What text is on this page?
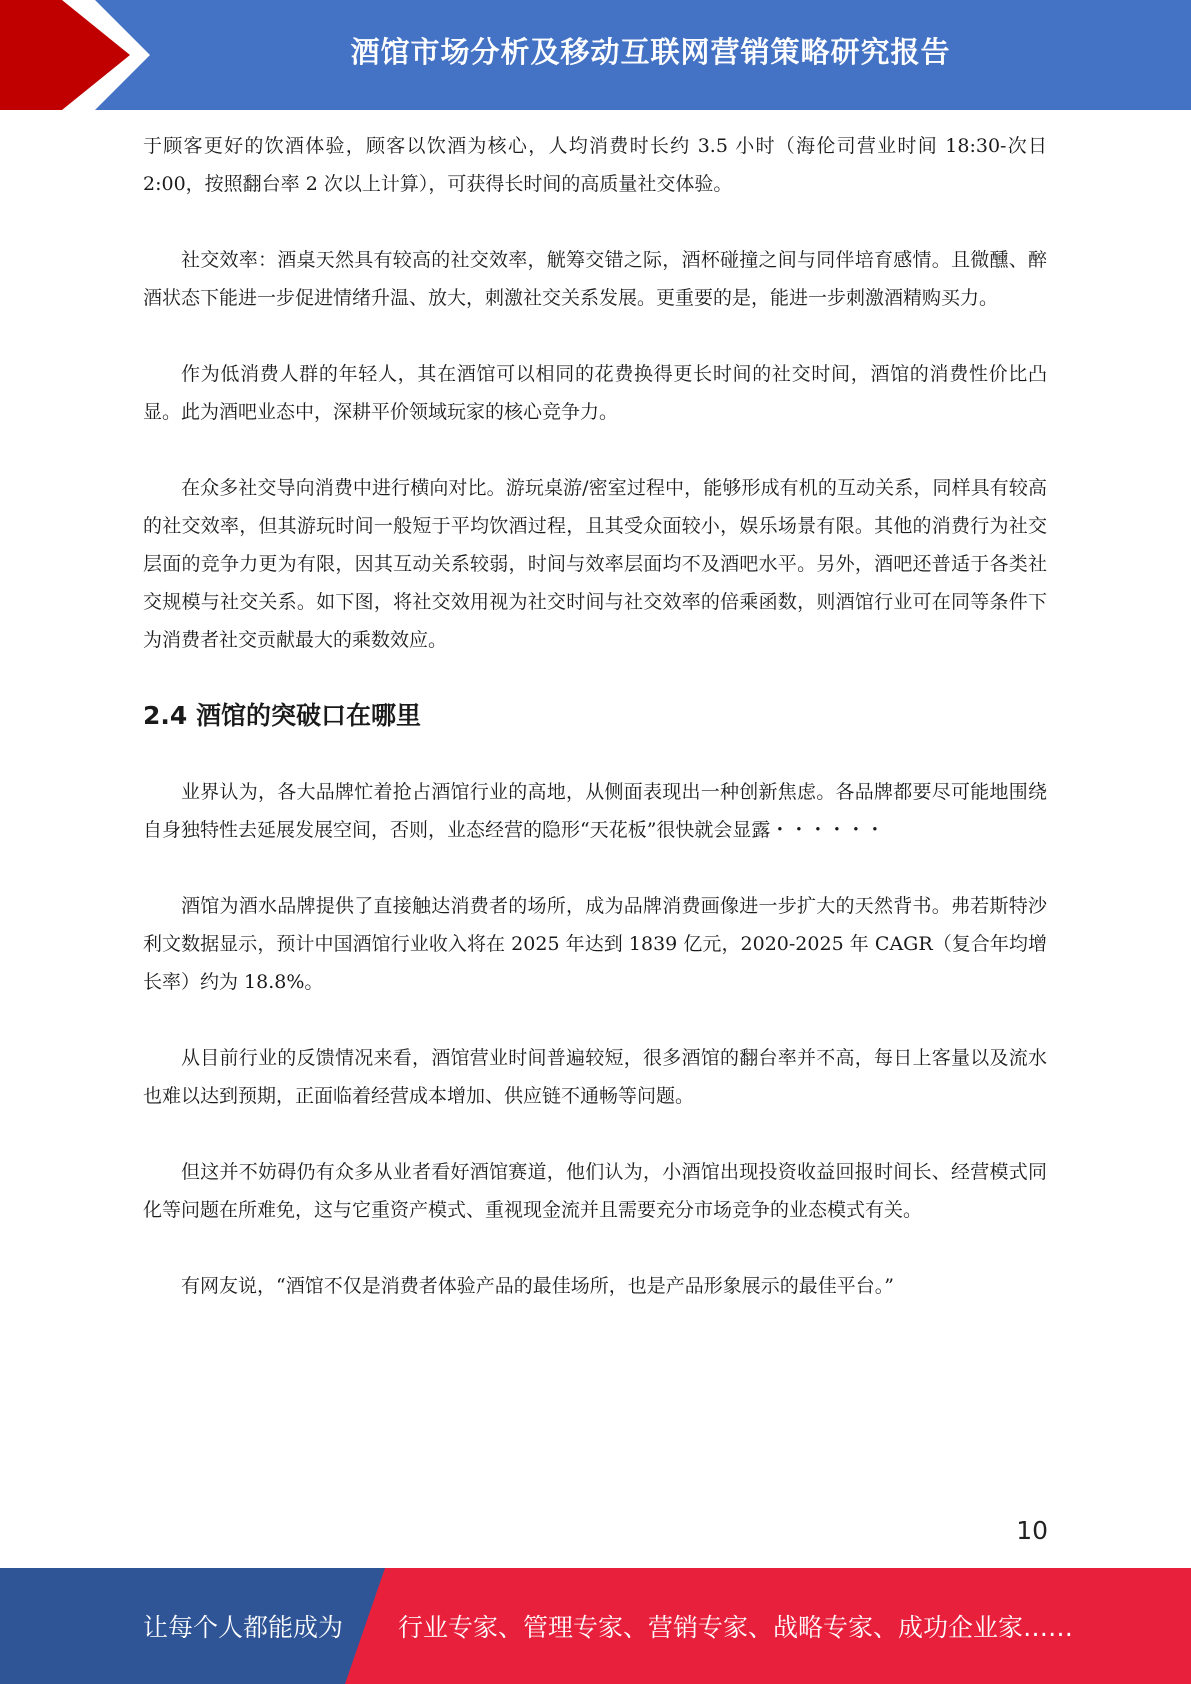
酒馆市场分析及移动互联网营销策略研究报告

于顾客更好的饮酒体验，顾客以饮酒为核心，人均消费时长约 3.5 小时（海伦司营业时间 18:30-次日 2:00，按照翻台率 2 次以上计算），可获得长时间的高质量社交体验。

社交效率：酒桌天然具有较高的社交效率，觥筹交错之际，酒杯碰撞之间与同伴培育感情。且微醺、醉酒状态下能进一步促进情绪升温、放大，刺激社交关系发展。更重要的是，能进一步刺激酒精购买力。

作为低消费人群的年轻人，其在酒馆可以相同的花费换得更长时间的社交时间，酒馆的消费性价比凸显。此为酒吧业态中，深耕平价领域玩家的核心竞争力。

在众多社交导向消费中进行横向对比。游玩桌游/密室过程中，能够形成有机的互动关系，同样具有较高的社交效率，但其游玩时间一般短于平均饮酒过程，且其受众面较小，娱乐场景有限。其他的消费行为社交层面的竞争力更为有限，因其互动关系较弱，时间与效率层面均不及酒吧水平。另外，酒吧还普适于各类社交规模与社交关系。如下图，将社交效用视为社交时间与社交效率的倍乘函数，则酒馆行业可在同等条件下为消费者社交贡献最大的乘数效应。

2.4 酒馆的突破口在哪里

业界认为，各大品牌忙着抢占酒馆行业的高地，从侧面表现出一种创新焦虑。各品牌都要尽可能地围绕自身独特性去延展发展空间，否则，业态经营的隐形“天花板”很快就会显露・・・・・・

酒馆为酒水品牌提供了直接触达消费者的场所，成为品牌消费画像进一步扩大的天然背书。弗若斯特沙利文数据显示，预计中国酒馆行业收入将在 2025 年达到 1839 亿元，2020-2025 年 CAGR（复合年均增长率）约为 18.8%。

从目前行业的反馈情况来看，酒馆营业时间普遍较短，很多酒馆的翻台率并不高，每日上客量以及流水也难以达到预期，正面临着经营成本增加、供应链不通畅等问题。

但这并不妨碍仍有众多从业者看好酒馆赛道，他们认为，小酒馆出现投资收益回报时间长、经营模式同化等问题在所难免，这与它重资产模式、重视现金流并且需要充分市场竞争的业态模式有关。

有网友说，“酒馆不仅是消费者体验产品的最佳场所，也是产品形象展示的最佳平台。”

10
让每个人都能成为 行业专家、管理专家、营销专家、战略专家、成功企业家……
